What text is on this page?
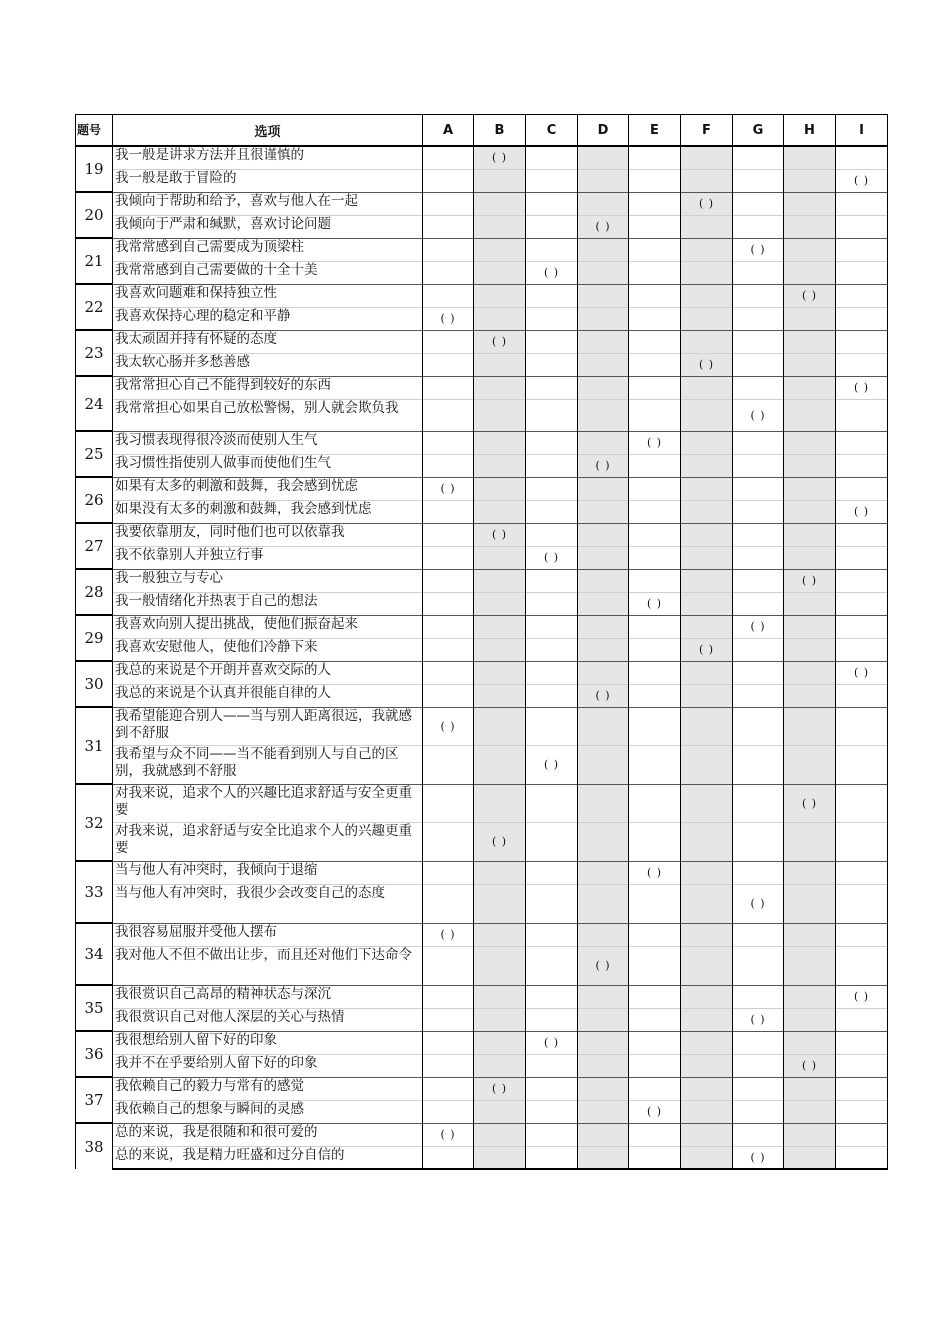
题号	选项	A	B	C	D	E	F	G	H	I
19	我一般是讲求方法并且很谨慎的		( )							
	我一般是敢于冒险的									( )
20	我倾向于帮助和给予，喜欢与他人在一起						( )			
	我倾向于严肃和缄默，喜欢讨论问题				( )					
21	我常常感到自己需要成为顶梁柱							( )		
	我常常感到自己需要做的十全十美			( )						
22	我喜欢问题难和保持独立性								( )	
	我喜欢保持心理的稳定和平静	( )								
23	我太顽固并持有怀疑的态度		( )							
	我太软心肠并多愁善感						( )			
24	我常常担心自己不能得到较好的东西									( )
	我常常担心如果自己放松警惕，别人就会欺负我							( )		
25	我习惯表现得很冷淡而使别人生气					( )				
	我习惯性指使别人做事而使他们生气				( )					
26	如果有太多的刺激和鼓舞，我会感到忧虑	( )								
	如果没有太多的刺激和鼓舞，我会感到忧虑									( )
27	我要依靠朋友，同时他们也可以依靠我		( )							
	我不依靠别人并独立行事			( )						
28	我一般独立与专心								( )	
	我一般情绪化并热衷于自己的想法					( )				
29	我喜欢向别人提出挑战，使他们振奋起来							( )		
	我喜欢安慰他人，使他们冷静下来						( )			
30	我总的来说是个开朗并喜欢交际的人									( )
	我总的来说是个认真并很能自律的人				( )					
31	我希望能迎合别人——当与别人距离很远，我就感到不舒服	( )								
	我希望与众不同——当不能看到别人与自己的区别，我就感到不舒服			( )						
32	对我来说，追求个人的兴趣比追求舒适与安全更重要								( )	
	对我来说，追求舒适与安全比追求个人的兴趣更重要		( )							
33	当与他人有冲突时，我倾向于退缩					( )				
	当与他人有冲突时，我很少会改变自己的态度							( )		
34	我很容易屈服并受他人摆布	( )								
	我对他人不但不做出让步，而且还对他们下达命令				( )					
35	我很赏识自己高昂的精神状态与深沉									( )
	我很赏识自己对他人深层的关心与热情							( )		
36	我很想给别人留下好的印象			( )						
	我并不在乎要给别人留下好的印象								( )	
37	我依赖自己的毅力与常有的感觉		( )							
	我依赖自己的想象与瞬间的灵感					( )				
38	总的来说，我是很随和和很可爱的	( )								
	总的来说，我是精力旺盛和过分自信的							( )		
